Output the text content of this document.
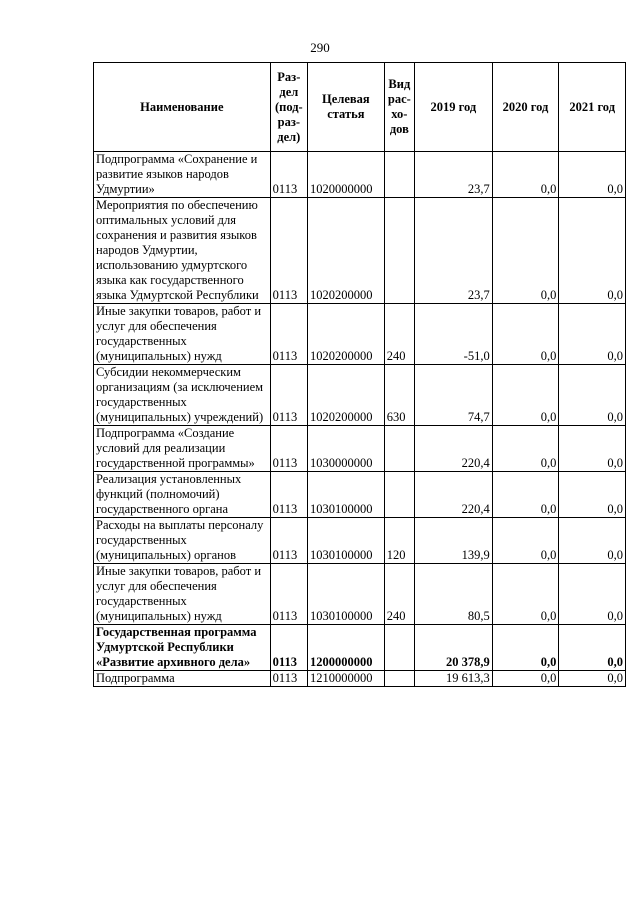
290
Наименование	Раз-
дел
(под-
раз-
дел)	Целевая
статья	Вид
рас-
хо-
дов	2019 год	2020 год	2021 год
Подпрограмма «Сохранение и развитие языков народов Удмуртии»	0113	1020000000		23,7	0,0	0,0
Мероприятия по обеспечению оптимальных условий для сохранения и развития языков народов Удмуртии, использованию удмуртского языка как государственного языка Удмуртской Республики	0113	1020200000		23,7	0,0	0,0
Иные закупки товаров, работ и услуг для обеспечения государственных (муниципальных) нужд	0113	1020200000	240	-51,0	0,0	0,0
Субсидии некоммерческим организациям (за исключением государственных (муниципальных) учреждений)	0113	1020200000	630	74,7	0,0	0,0
Подпрограмма «Создание условий для реализации государственной программы»	0113	1030000000		220,4	0,0	0,0
Реализация установленных функций (полномочий) государственного органа	0113	1030100000		220,4	0,0	0,0
Расходы на выплаты персоналу государственных (муниципальных) органов	0113	1030100000	120	139,9	0,0	0,0
Иные закупки товаров, работ и услуг для обеспечения государственных (муниципальных) нужд	0113	1030100000	240	80,5	0,0	0,0
Государственная программа Удмуртской Республики «Развитие архивного дела»	0113	1200000000		20 378,9	0,0	0,0
Подпрограмма	0113	1210000000		19 613,3	0,0	0,0
